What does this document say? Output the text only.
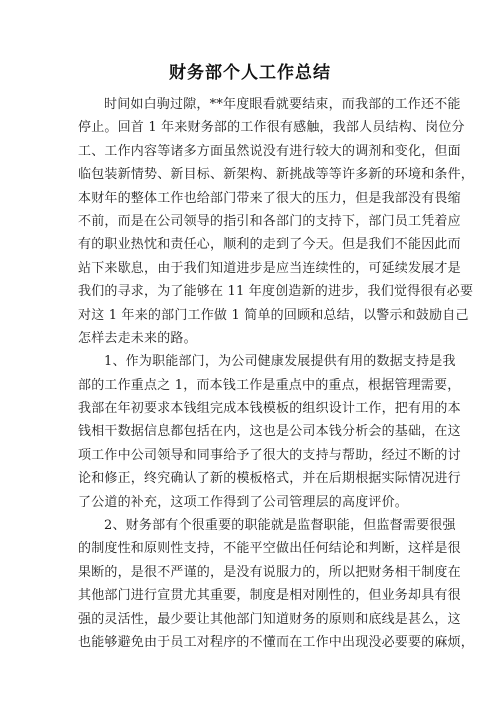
财务部个人工作总结
时间如白驹过隙，**年度眼看就要结束，而我部的工作还不能
停止。回首 1 年来财务部的工作很有感触，我部人员结构、岗位分
工、工作内容等诸多方面虽然说没有进行较大的调剂和变化，但面
临包装新情势、新目标、新架构、新挑战等等许多新的环境和条件，
本财年的整体工作也给部门带来了很大的压力，但是我部没有畏缩
不前，而是在公司领导的指引和各部门的支持下，部门员工凭着应
有的职业热忱和责任心，顺利的走到了今天。但是我们不能因此而
站下来歇息，由于我们知道进步是应当连续性的，可延续发展才是
我们的寻求，为了能够在 11 年度创造新的进步，我们觉得很有必要
对这 1 年来的部门工作做 1 简单的回顾和总结，以警示和鼓励自己
怎样去走未来的路。
1、作为职能部门，为公司健康发展提供有用的数据支持是我
部的工作重点之 1，而本钱工作是重点中的重点，根据管理需要，
我部在年初要求本钱组完成本钱模板的组织设计工作，把有用的本
钱相干数据信息都包括在内，这也是公司本钱分析会的基础，在这
项工作中公司领导和同事给予了很大的支持与帮助，经过不断的讨
论和修正，终究确认了新的模板格式，并在后期根据实际情况进行
了公道的补充，这项工作得到了公司管理层的高度评价。
2、财务部有个很重要的职能就是监督职能，但监督需要很强
的制度性和原则性支持，不能平空做出任何结论和判断，这样是很
果断的，是很不严谨的，是没有说服力的，所以把财务相干制度在
其他部门进行宣贯尤其重要，制度是相对刚性的，但业务却具有很
强的灵活性，最少要让其他部门知道财务的原则和底线是甚么，这
也能够避免由于员工对程序的不懂而在工作中出现没必要要的麻烦，
